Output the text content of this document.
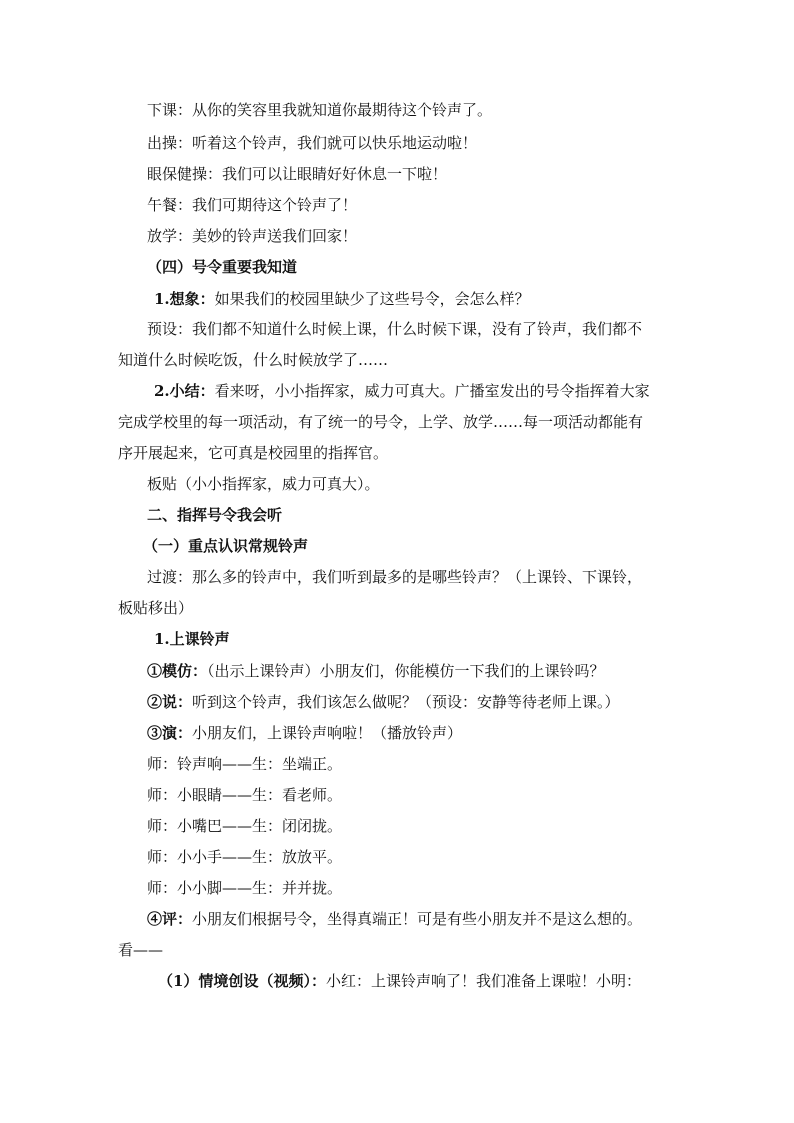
下课：从你的笑容里我就知道你最期待这个铃声了。
出操：听着这个铃声，我们就可以快乐地运动啦！
眼保健操：我们可以让眼睛好好休息一下啦！
午餐：我们可期待这个铃声了！
放学：美妙的铃声送我们回家！
（四）号令重要我知道
1.想象：如果我们的校园里缺少了这些号令，会怎么样？
预设：我们都不知道什么时候上课，什么时候下课，没有了铃声，我们都不
知道什么时候吃饭，什么时候放学了……
2.小结：看来呀，小小指挥家，威力可真大。广播室发出的号令指挥着大家
完成学校里的每一项活动，有了统一的号令，上学、放学……每一项活动都能有
序开展起来，它可真是校园里的指挥官。
板贴（小小指挥家，威力可真大）。
二、指挥号令我会听
（一）重点认识常规铃声
过渡：那么多的铃声中，我们听到最多的是哪些铃声？（上课铃、下课铃，
板贴移出）
1.上课铃声
①模仿：（出示上课铃声）小朋友们，你能模仿一下我们的上课铃吗？
②说：听到这个铃声，我们该怎么做呢？（预设：安静等待老师上课。）
③演：小朋友们，上课铃声响啦！（播放铃声）
师：铃声响——生：坐端正。
师：小眼睛——生：看老师。
师：小嘴巴——生：闭闭拢。
师：小小手——生：放放平。
师：小小脚——生：并并拢。
④评：小朋友们根据号令，坐得真端正！可是有些小朋友并不是这么想的。
看——
（1）情境创设（视频）：小红：上课铃声响了！我们准备上课啦！小明：
